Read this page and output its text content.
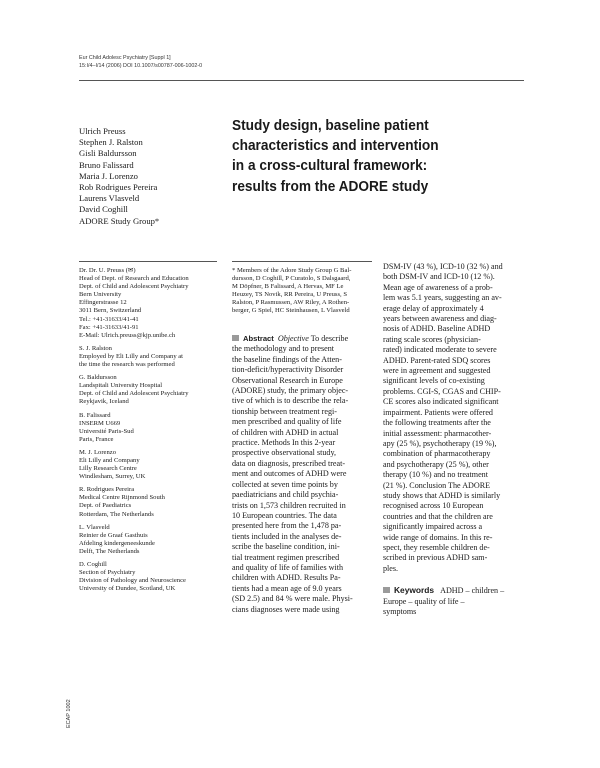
Eur Child Adolesc Psychiatry [Suppl 1]
15:I/4–I/14 (2006) DOI 10.1007/s00787-006-1002-0
Ulrich Preuss
Stephen J. Ralston
Gisli Baldursson
Bruno Falissard
Maria J. Lorenzo
Rob Rodrigues Pereira
Laurens Vlasveld
David Coghill
ADORE Study Group*
Study design, baseline patient
characteristics and intervention
in a cross-cultural framework:
results from the ADORE study
Dr. Dr. U. Preuss (✉)
Head of Dept. of Research and Education
Dept. of Child and Adolescent Psychiatry
Bern University
Effingerstrasse 12
3011 Bern, Switzerland
Tel.: +41-31633/41-41
Fax: +41-31633/41-91
E-Mail: Ulrich.preuss@kjp.unibe.ch
S. J. Ralston
Employed by Eli Lilly and Company at
the time the research was performed
G. Baldursson
Landspitali University Hospital
Dept. of Child and Adolescent Psychiatry
Reykjavik, Iceland
B. Falissard
INSERM U669
Université Paris-Sud
Paris, France
M. J. Lorenzo
Eli Lilly and Company
Lilly Research Centre
Windlesham, Surrey, UK
R. Rodrigues Pereira
Medical Centre Rijnmond South
Dept. of Paediatrics
Rotterdam, The Netherlands
L. Vlasveld
Reinier de Graaf Gasthuis
Afdeling kindergeneeskunde
Delft, The Netherlands
D. Coghill
Section of Psychiatry
Division of Pathology and Neuroscience
University of Dundee, Scotland, UK
* Members of the Adore Study Group G Bal-
dursson, D Coghill, P Curatolo, S Dalsgaard,
M Döpfner, B Falissard, A Hervas, MF Le
Heuzey, TS Novik, RR Pereira, U Preuss, S
Ralston, P Rasmussen, AW Riley, A Rothen-
berger, G Spiel, HC Steinhausen, L Vlasveld
Abstract Objective To describe
the methodology and to present
the baseline findings of the Atten-
tion-deficit/hyperactivity Disorder
Observational Research in Europe
(ADORE) study, the primary objec-
tive of which is to describe the rela-
tionship between treatment regi-
men prescribed and quality of life
of children with ADHD in actual
practice. Methods In this 2-year
prospective observational study,
data on diagnosis, prescribed treat-
ment and outcomes of ADHD were
collected at seven time points by
paediatricians and child psychia-
trists on 1,573 children recruited in
10 European countries. The data
presented here from the 1,478 pa-
tients included in the analyses de-
scribe the baseline condition, ini-
tial treatment regimen prescribed
and quality of life of families with
children with ADHD. Results Pa-
tients had a mean age of 9.0 years
(SD 2.5) and 84 % were male. Physi-
cians diagnoses were made using
DSM-IV (43 %), ICD-10 (32 %) and
both DSM-IV and ICD-10 (12 %).
Mean age of awareness of a prob-
lem was 5.1 years, suggesting an av-
erage delay of approximately 4
years between awareness and diag-
nosis of ADHD. Baseline ADHD
rating scale scores (physician-
rated) indicated moderate to severe
ADHD. Parent-rated SDQ scores
were in agreement and suggested
significant levels of co-existing
problems. CGI-S, CGAS and CHIP-
CE scores also indicated significant
impairment. Patients were offered
the following treatments after the
initial assessment: pharmacother-
apy (25 %), psychotherapy (19 %),
combination of pharmacotherapy
and psychotherapy (25 %), other
therapy (10 %) and no treatment
(21 %). Conclusion The ADORE
study shows that ADHD is similarly
recognised across 10 European
countries and that the children are
significantly impaired across a
wide range of domains. In this re-
spect, they resemble children de-
scribed in previous ADHD sam-
ples.
Keywords ADHD – children –
Europe – quality of life –
symptoms
ECAP 1002
